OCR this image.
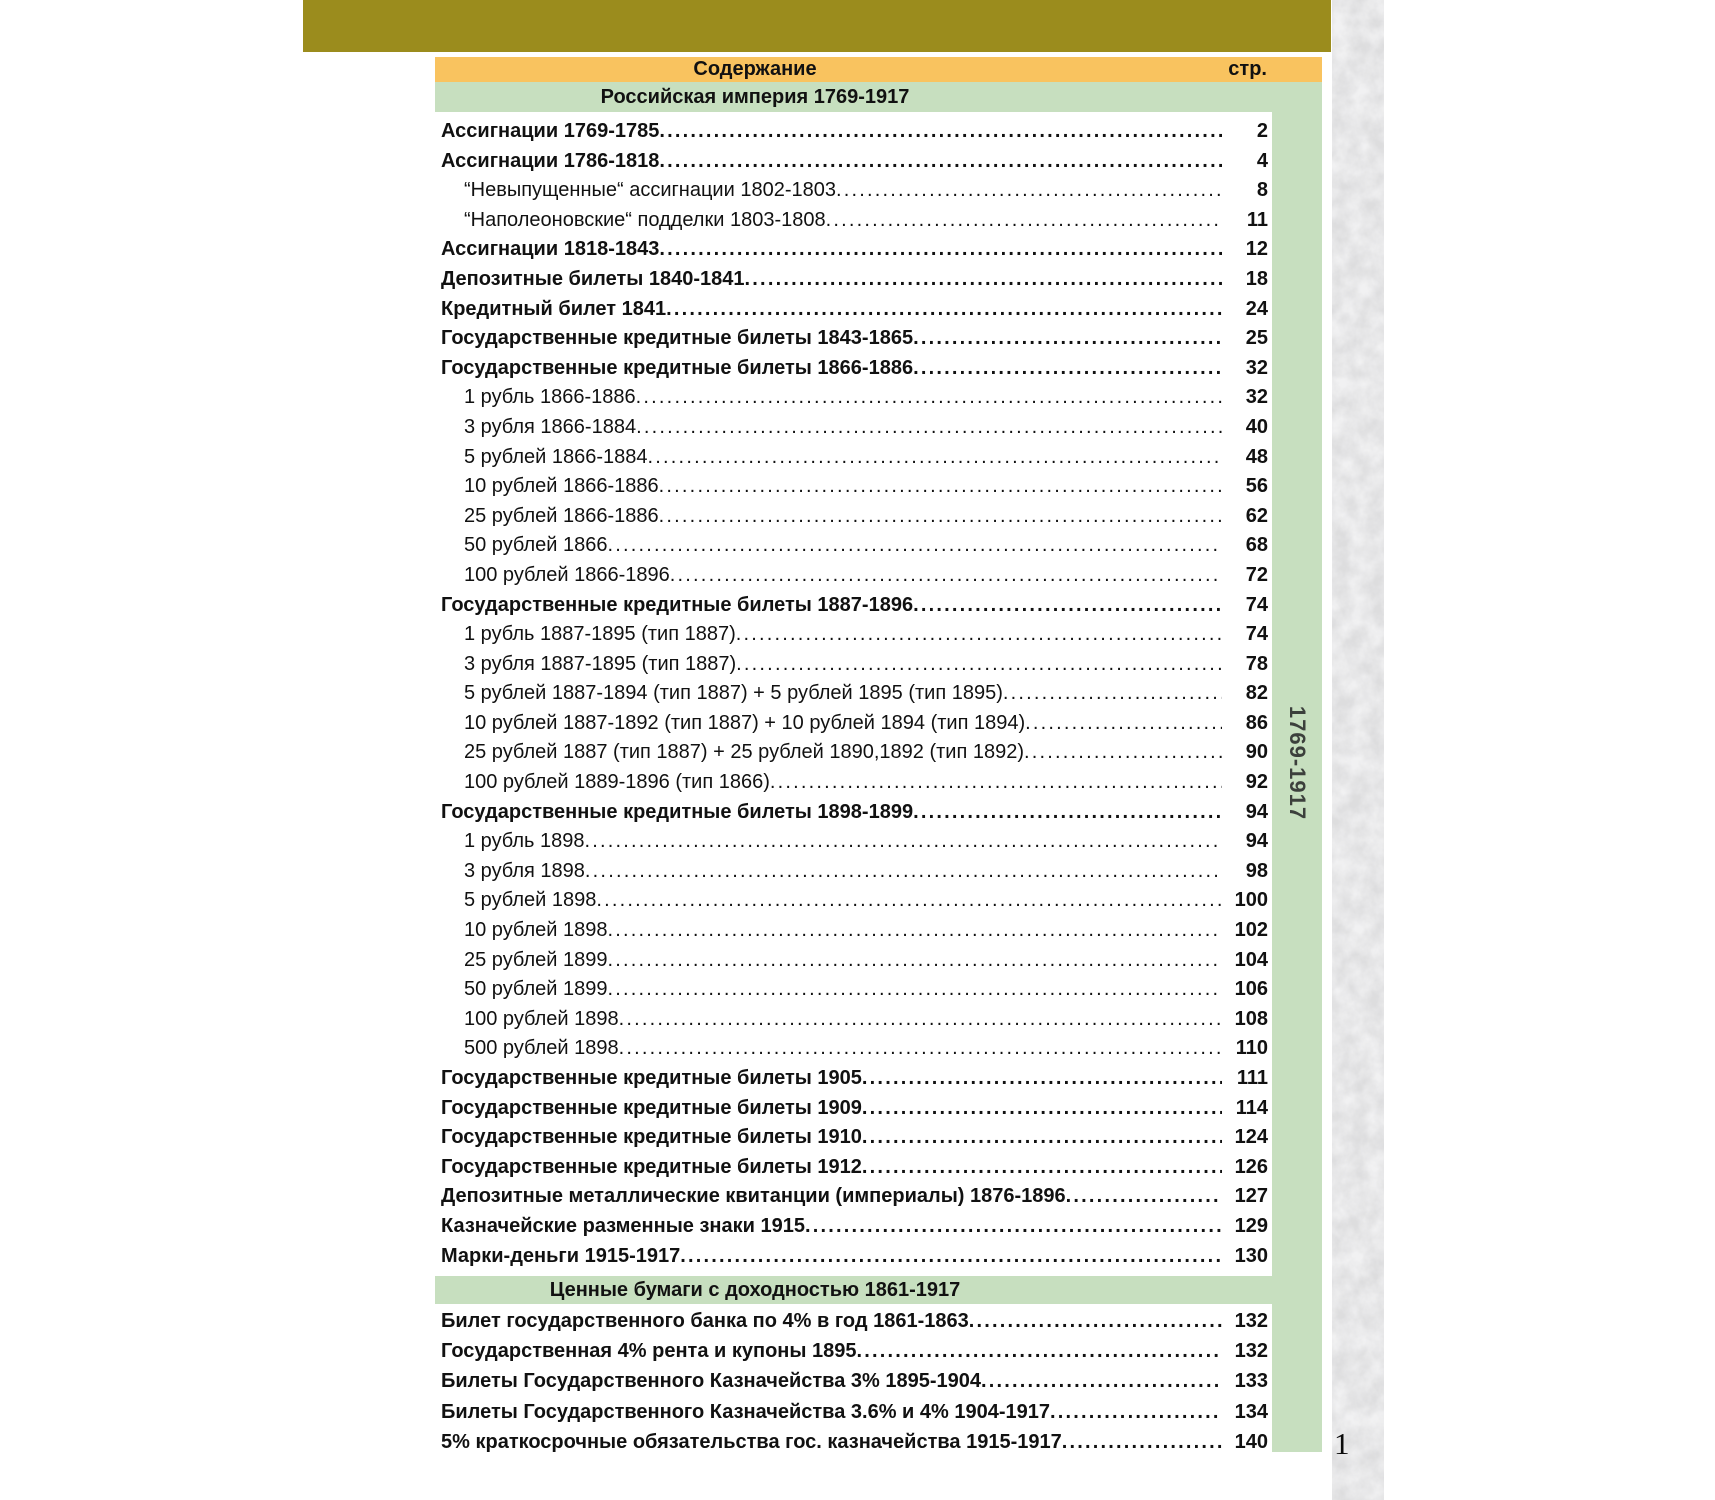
Содержание	стр.
Российская империя 1769-1917
Ассигнации 1769-1785 .....	2
Ассигнации 1786-1818 .....	4
“Невыпущенные“ ассигнации 1802-1803 .....	8
“Наполеоновские“ подделки 1803-1808 .....	11
Ассигнации 1818-1843 .....	12
Депозитные билеты 1840-1841 .....	18
Кредитный билет 1841 .....	24
Государственные кредитные билеты 1843-1865 .....	25
Государственные кредитные билеты 1866-1886 .....	32
1 рубль 1866-1886 .....	32
3 рубля 1866-1884 .....	40
5 рублей 1866-1884 .....	48
10 рублей 1866-1886 .....	56
25 рублей 1866-1886 .....	62
50 рублей 1866 .....	68
100 рублей 1866-1896 .....	72
Государственные кредитные билеты 1887-1896 .....	74
1 рубль 1887-1895 (тип 1887) .....	74
3 рубля 1887-1895 (тип 1887) .....	78
5 рублей 1887-1894 (тип 1887) + 5 рублей 1895 (тип 1895) .....	82
10 рублей 1887-1892 (тип 1887) + 10 рублей 1894 (тип 1894) .....	86
25 рублей 1887 (тип 1887) + 25 рублей 1890,1892 (тип 1892) .....	90
100 рублей 1889-1896 (тип 1866) .....	92
Государственные кредитные билеты 1898-1899 .....	94
1 рубль 1898 .....	94
3 рубля 1898 .....	98
5 рублей 1898 .....	100
10 рублей 1898 .....	102
25 рублей 1899 .....	104
50 рублей 1899 .....	106
100 рублей 1898 .....	108
500 рублей 1898 .....	110
Государственные кредитные билеты 1905 .....	111
Государственные кредитные билеты 1909 .....	114
Государственные кредитные билеты 1910 .....	124
Государственные кредитные билеты 1912 .....	126
Депозитные металлические квитанции (империалы) 1876-1896 .....	127
Казначейские разменные знаки 1915 .....	129
Марки-деньги 1915-1917 .....	130
Ценные бумаги с доходностью 1861-1917
Билет государственного банка по 4% в год 1861-1863 .....	132
Государственная 4% рента и купоны 1895 .....	132
Билеты Государственного Казначейства 3% 1895-1904 .....	133
Билеты Государственного Казначейства 3.6% и 4% 1904-1917 .....	134
5% краткосрочные обязательства гос. казначейства 1915-1917 .....	140
1769-1917
1
